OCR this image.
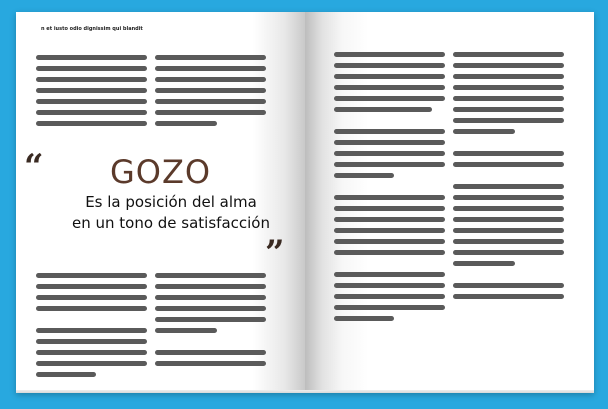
n et iusto odio dignissim qui blandit
“	GOZO
Es la posición del alma
en un tono de satisfacción
”
